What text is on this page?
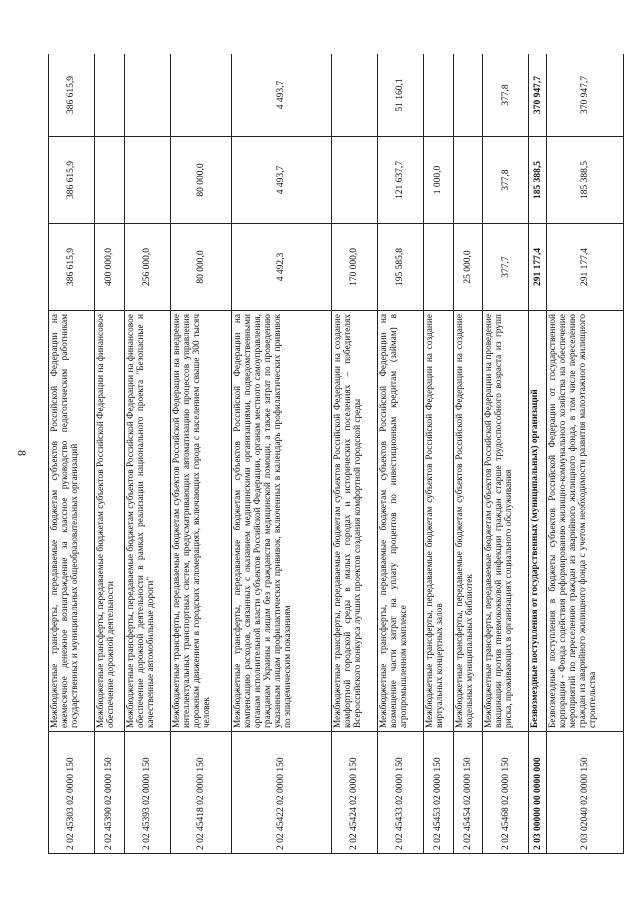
8
2 02 45303 02 0000 150	Межбюджетные трансферты, передаваемые бюджетам субъектов Российской Федерации на ежемесячное денежное вознаграждение за классное руководство педагогическим работникам государственных и муниципальных общеобразовательных организаций	386 615,9	386 615,9	386 615,9
2 02 45390 02 0000 150	Межбюджетные трансферты, передаваемые бюджетам субъектов Российской Федерации на финансовое обеспечение дорожной деятельности	400 000,0		
2 02 45393 02 0000 150	Межбюджетные трансферты, передаваемые бюджетам субъектов Российской Федерации на финансовое обеспечение дорожной деятельности в рамках реализации национального проекта "Безопасные и качественные автомобильные дороги"	256 000,0		
2 02 45418 02 0000 150	Межбюджетные трансферты, передаваемые бюджетам субъектов Российской Федерации на внедрение интеллектуальных транспортных систем, предусматривающих автоматизацию процессов управления дорожным движением в городских агломерациях, включающих города с населением свыше 300 тысяч человек	80 000,0	80 000,0	
2 02 45422 02 0000 150	Межбюджетные трансферты, передаваемые бюджетам субъектов Российской Федерации на компенсацию расходов, связанных с оказанием медицинскими организациями, подведомственными органам исполнительной власти субъектов Российской Федерации, органам местного самоуправления, гражданам Украины и лицам без гражданства медицинской помощи, а также затрат по проведению указанным лицам профилактических прививок, включенных в календарь профилактических прививок по эпидемическим показаниям	4 492,3	4 493,7	4 493,7
2 02 45424 02 0000 150	Межбюджетные трансферты, передаваемые бюджетам субъектов Российской Федерации на создание комфортной городской среды в малых городах и исторических поселениях – победителях Всероссийского конкурса лучших проектов создания комфортной городской среды	170 000,0		
2 02 45433 02 0000 150	Межбюджетные трансферты, передаваемые бюджетам субъектов Российской Федерации на возмещение части затрат на уплату процентов по инвестиционным кредитам (займам) в агропромышленном комплексе	195 585,8	121 637,7	51 160,1
2 02 45453 02 0000 150	Межбюджетные трансферты, передаваемые бюджетам субъектов Российской Федерации на создание виртуальных концертных залов		1 000,0	
2 02 45454 02 0000 150	Межбюджетные трансферты, передаваемые бюджетам субъектов Российской Федерации на создание модельных муниципальных библиотек	25 000,0		
2 02 45468 02 0000 150	Межбюджетные трансферты, передаваемые бюджетам субъектов Российской Федерации на проведение вакцинации против пневмококковой инфекции граждан старше трудоспособного возраста из групп риска, проживающих в организациях социального обслуживания	377,7	377,8	377,8
2 03 00000 00 0000 000	Безвозмездные поступления от государственных (муниципальных) организаций	291 177,4	185 388,5	370 947,7
2 03 02040 02 0000 150	Безвозмездные поступления в бюджеты субъектов Российской Федерации от государственной корпорации - Фонда содействия реформированию жилищно-коммунального хозяйства на обеспечение мероприятий по переселению граждан из аварийного жилищного фонда, в том числе переселению граждан из аварийного жилищного фонда с учетом необходимости развития малоэтажного жилищного строительства	291 177,4	185 388,5	370 947,7
